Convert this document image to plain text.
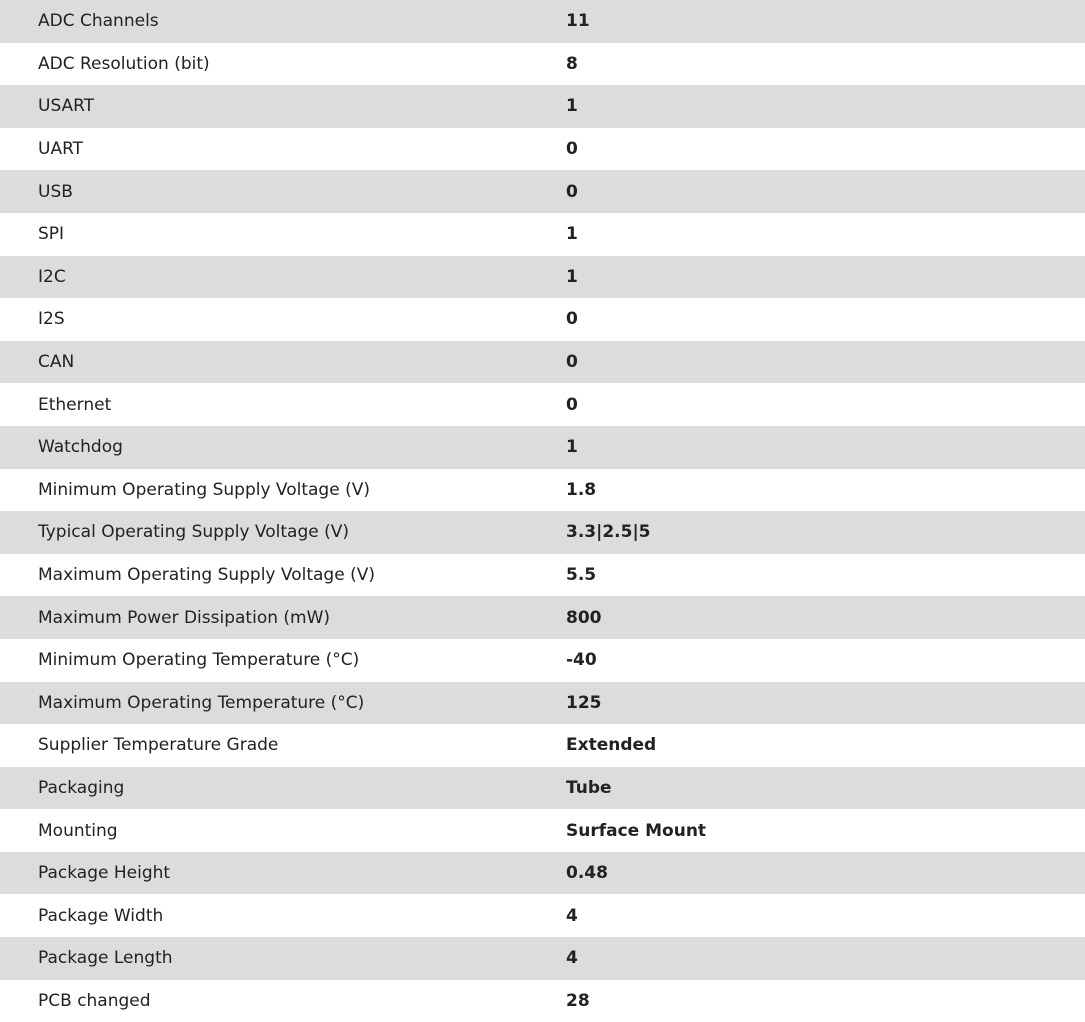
ADC Channels	11
ADC Resolution (bit)	8
USART	1
UART	0
USB	0
SPI	1
I2C	1
I2S	0
CAN	0
Ethernet	0
Watchdog	1
Minimum Operating Supply Voltage (V)	1.8
Typical Operating Supply Voltage (V)	3.3|2.5|5
Maximum Operating Supply Voltage (V)	5.5
Maximum Power Dissipation (mW)	800
Minimum Operating Temperature (°C)	-40
Maximum Operating Temperature (°C)	125
Supplier Temperature Grade	Extended
Packaging	Tube
Mounting	Surface Mount
Package Height	0.48
Package Width	4
Package Length	4
PCB changed	28
